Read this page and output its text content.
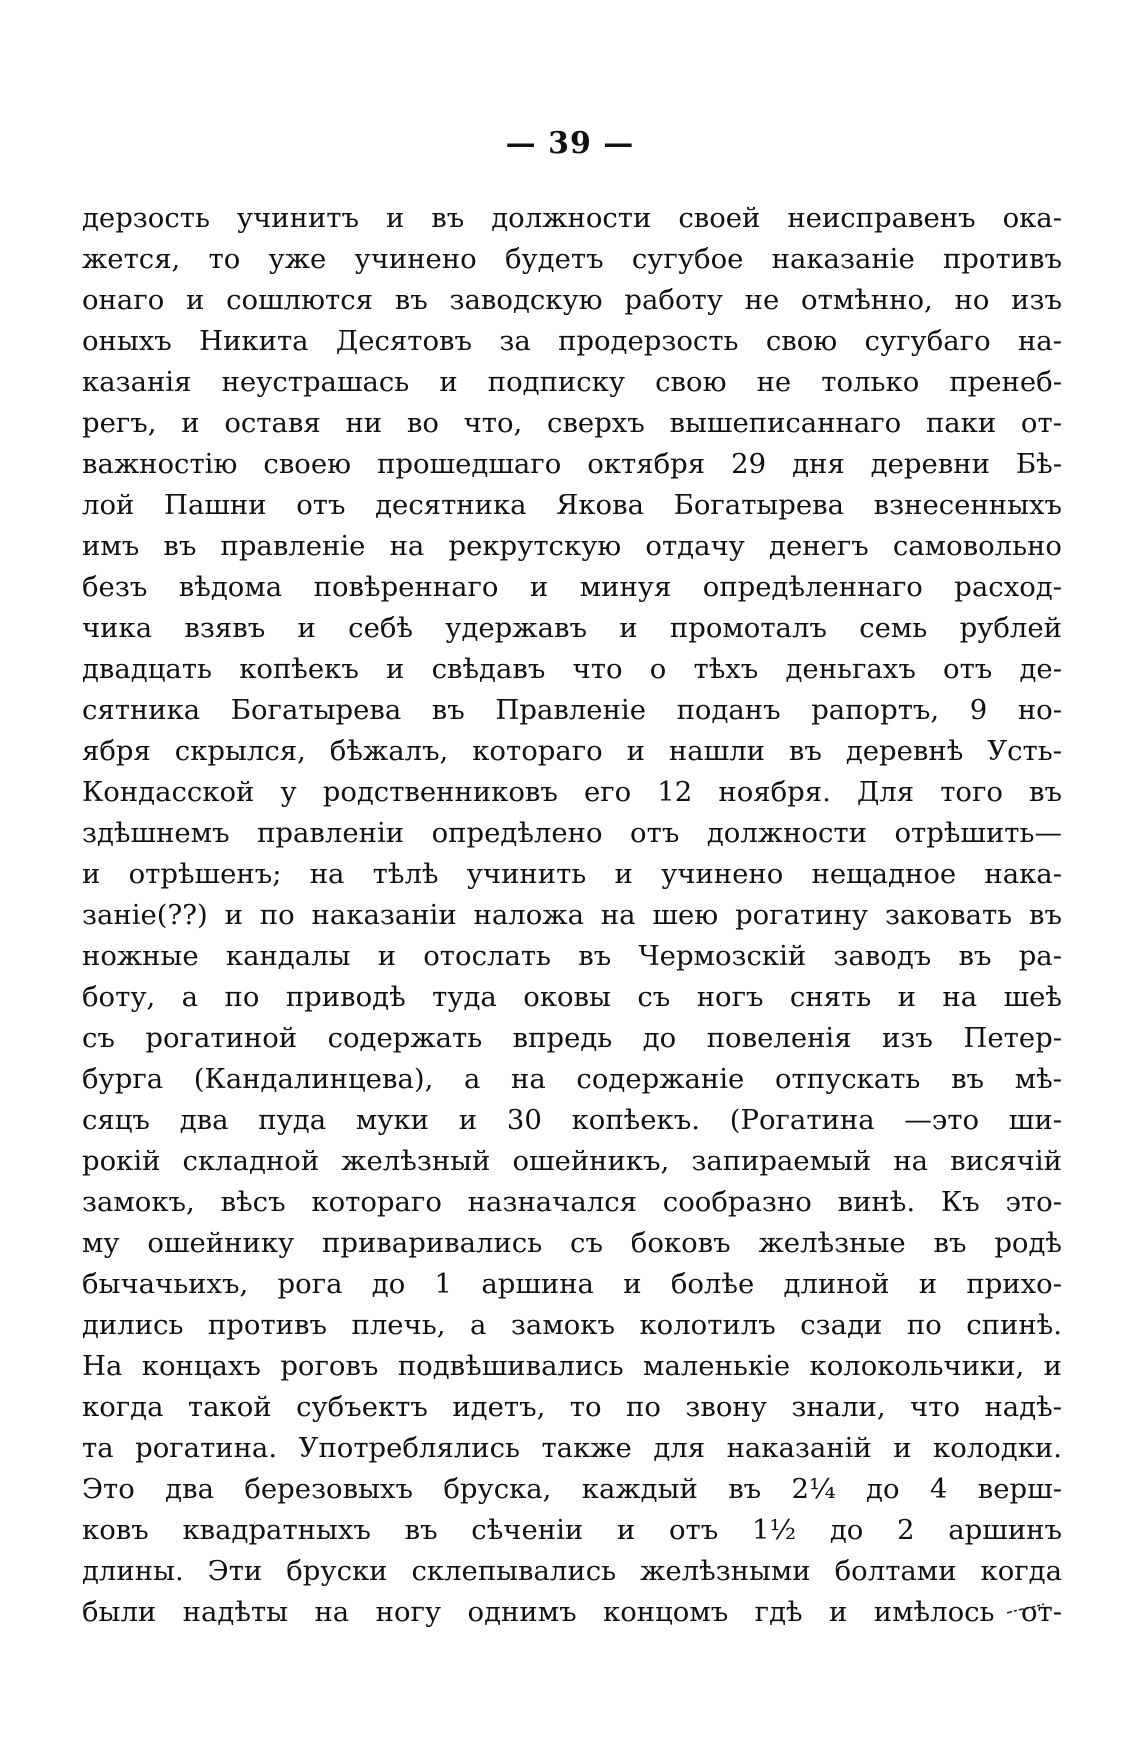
— 39 —
дерзость учинитъ и въ должности своей неисправенъ ока-
жется, то уже учинено будетъ сугубое наказаніе противъ
онаго и сошлются въ заводскую работу не отмѣнно, но изъ
оныхъ Никита Десятовъ за продерзость свою сугубаго на-
казанія неустрашась и подписку свою не только пренеб-
регъ, и оставя ни во что, сверхъ вышеписаннаго паки от-
важностію своею прошедшаго октября 29 дня деревни Бѣ-
лой Пашни отъ десятника Якова Богатырева взнесенныхъ
имъ въ правленіе на рекрутскую отдачу денегъ самовольно
безъ вѣдома повѣреннаго и минуя опредѣленнаго расход-
чика взявъ и себѣ удержавъ и промоталъ семь рублей
двадцать копѣекъ и свѣдавъ что о тѣхъ деньгахъ отъ де-
сятника Богатырева въ Правленіе поданъ рапортъ, 9 но-
ября скрылся, бѣжалъ, котораго и нашли въ деревнѣ Усть-
Кондасской у родственниковъ его 12 ноября. Для того въ
здѣшнемъ правленіи опредѣлено отъ должности отрѣшить—
и отрѣшенъ; на тѣлѣ учинить и учинено нещадное нака-
заніе(??) и по наказаніи наложа на шею рогатину заковать въ
ножные кандалы и отослать въ Чермозскій заводъ въ ра-
боту, а по приводѣ туда оковы съ ногъ снять и на шеѣ
съ рогатиной содержать впредь до повеленія изъ Петер-
бурга (Кандалинцева), а на содержаніе отпускать въ мѣ-
сяцъ два пуда муки и 30 копѣекъ. (Рогатина —это ши-
рокій складной желѣзный ошейникъ, запираемый на висячій
замокъ, вѣсъ котораго назначался сообразно винѣ. Къ это-
му ошейнику приваривались съ боковъ желѣзные въ родѣ
бычачьихъ, рога до 1 аршина и болѣе длиной и прихо-
дились противъ плечь, а замокъ колотилъ сзади по спинѣ.
На концахъ роговъ подвѣшивались маленькіе колокольчики, и
когда такой субъектъ идетъ, то по звону знали, что надѣ-
та рогатина. Употреблялись также для наказаній и колодки.
Это два березовыхъ бруска, каждый въ 2¼ до 4 верш-
ковъ квадратныхъ въ сѣченіи и отъ 1½ до 2 аршинъ
длины. Эти бруски склепывались желѣзными болтами когда
были надѣты на ногу однимъ концомъ гдѣ и имѣлось от-
